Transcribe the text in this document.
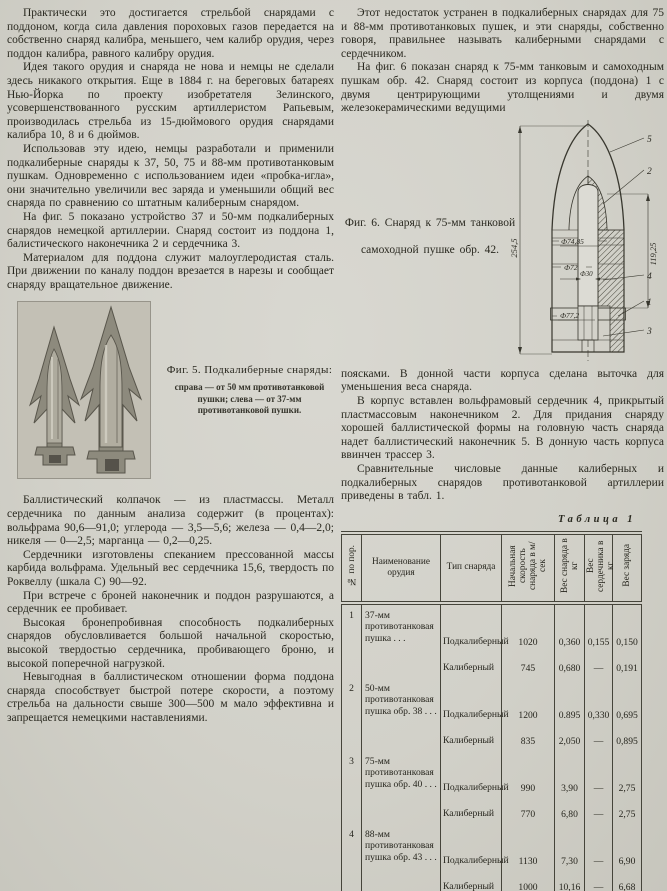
Практически это достигается стрельбой снарядами с поддоном, когда сила давления пороховых газов передается на собственно снаряд калибра, меньшего, чем калибр орудия, через поддон калибра, равного калибру орудия.

Идея такого орудия и снаряда не нова и немцы не сделали здесь никакого открытия. Еще в 1884 г. на береговых батареях Нью-Йорка по проекту изобретателя Зелинского, усовершенствованного русским артиллеристом Рапьевым, производилась стрельба из 15-дюймового орудия снарядами калибра 10, 8 и 6 дюймов.

Использовав эту идею, немцы разработали и применили подкалиберные снаряды к 37, 50, 75 и 88-мм противотанковым пушкам. Одновременно с использованием идеи «пробка-игла», они значительно увеличили вес заряда и уменьшили общий вес снаряда по сравнению со штатным калиберным снарядом.

На фиг. 5 показано устройство 37 и 50-мм подкалиберных снарядов немецкой артиллерии. Снаряд состоит из поддона 1, балистического наконечника 2 и сердечника 3.

Материалом для поддона служит малоуглеродистая сталь. При движении по каналу поддон врезается в нарезы и сообщает снаряду вращательное движение.

Фиг. 5. Подкалиберные снаряды:
справа — от 50 мм противотанковой пушки; слева — от 37-мм противотанковой пушки.

Баллистический колпачок — из пластмассы. Металл сердечника по данным анализа содержит (в процентах): вольфрама 90,6—91,0; углерода — 3,5—5,6; железа — 0,4—2,0; никеля — 0—2,5; марганца — 0,2—0,25.

Сердечники изготовлены спеканием прессованной массы карбида вольфрама. Удельный вес сердечника 15,6, твердость по Роквеллу (шкала С) 90—92.

При встрече с броней наконечник и поддон разрушаются, а сердечник ее пробивает.

Высокая бронепробивная способность подкалиберных снарядов обусловливается большой начальной скоростью, высокой твердостью сердечника, пробивающего броню, и высокой поперечной нагрузкой.

Невыгодная в баллистическом отношении форма поддона снаряда способствует быстрой потере скорости, а поэтому стрельба на дальности свыше 300—500 м мало эффективна и запрещается немецкими наставлениями.

Этот недостаток устранен в подкалиберных снарядах для 75 и 88-мм противотанковых пушек, и эти снаряды, собственно говоря, правильнее называть калиберными снарядами с сердечником.

На фиг. 6 показан снаряд к 75-мм танковым и самоходным пушкам обр. 42. Снаряд состоит из корпуса (поддона) 1 с двумя центрирующими утолщениями и двумя железокерамическими ведущими

Фиг. 6. Снаряд к 75-мм танковой самоходной пушке обр. 42.	254,5	119,25
Ф74,85
Ф72
Ф30
Ф77,2
5
2
4
1
3

поясками. В донной части корпуса сделана выточка для уменьшения веса снаряда.

В корпус вставлен вольфрамовый сердечник 4, прикрытый пластмассовым наконечником 2. Для придания снаряду хорошей баллистической формы на головную часть снаряда надет баллистический наконечник 5. В донную часть корпуса ввинчен трассер 3.

Сравнительные числовые данные калиберных и подкалиберных снарядов противотанковой артиллерии приведены в табл. 1.

Таблица 1
№ по пор.	Наименование орудия	Тип снаряда	Начальная скорость снаряда в м/сек	Вес снаряда в кг	Вес сердечника в кг	Вес заряда
1	37-мм противотанковая пушка . . .	Подкалиберный	1020	0,360	0,155	0,150
		Калиберный	745	0,680	—	0,191
2	50-мм противотанковая пушка обр. 38 . . .	Подкалиберный	1200	0.895	0,330	0,695
		Калиберный	835	2,050	—	0,895
3	75-мм противотанковая пушка обр. 40 . . .	Подкалиберный	990	3,90	—	2,75
		Калиберный	770	6,80	—	2,75
4	88-мм противотанковая пушка обр. 43 . . .	Подкалиберный	1130	7,30	—	6,90
		Калиберный	1000	10,16	—	6,68
